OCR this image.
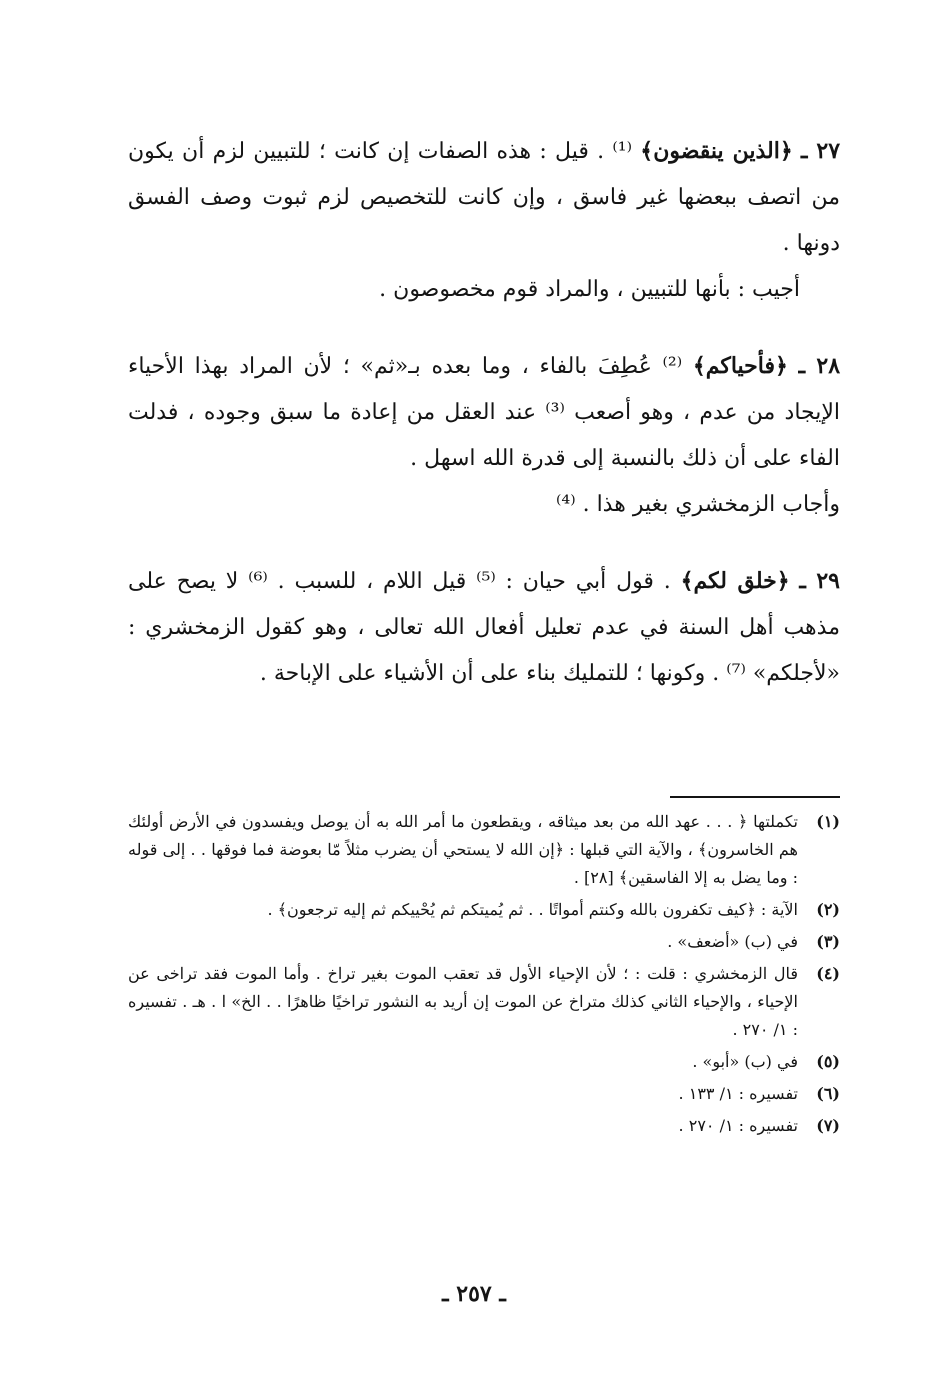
٢٧ ـ ﴿الذين ينقضون﴾ ⁽¹⁾ . قيل : هذه الصفات إن كانت ؛ للتبيين لزم أن يكون من اتصف ببعضها غير فاسق ، وإن كانت للتخصيص لزم ثبوت وصف الفسق دونها .

أجيب : بأنها للتبيين ، والمراد قوم مخصوصون .

٢٨ ـ ﴿فأحياكم﴾ ⁽²⁾ عُطِفَ بالفاء ، وما بعده بـ«ثم» ؛ لأن المراد بهذا الأحياء الإيجاد من عدم ، وهو أصعب ⁽³⁾ عند العقل من إعادة ما سبق وجوده ، فدلت الفاء على أن ذلك بالنسبة إلى قدرة الله اسهل .

وأجاب الزمخشري بغير هذا . ⁽⁴⁾

٢٩ ـ ﴿خلق لكم﴾ . قول أبي حيان : ⁽⁵⁾ قيل اللام ، للسبب . ⁽⁶⁾ لا يصح على مذهب أهل السنة في عدم تعليل أفعال الله تعالى ، وهو كقول الزمخشري : «لأجلكم» ⁽⁷⁾ . وكونها ؛ للتمليك بناء على أن الأشياء على الإباحة .

(١)
تكملتها ﴿ . . . عهد الله من بعد ميثاقه ، ويقطعون ما أمر الله به أن يوصل ويفسدون في الأرض أولئك هم الخاسرون﴾ ، والآية التي قبلها : ﴿إن الله لا يستحي أن يضرب مثلاً مّا بعوضة فما فوقها . . إلى قوله : وما يضل به إلا الفاسقين﴾ [٢٨] .
(٢)
الآية : ﴿كيف تكفرون بالله وكنتم أمواتًا . . ثم يُميتكم ثم يُحْييكم ثم إليه ترجعون﴾ .
(٣)
في (ب) «أضعف» .
(٤)
قال الزمخشري : قلت : ؛ لأن الإحياء الأول قد تعقب الموت بغير تراخ . وأما الموت فقد تراخى عن الإحياء ، والإحياء الثاني كذلك متراخ عن الموت إن أريد به النشور تراخيًا ظاهرًا . . الخ» ا . هـ . تفسيره : ١/ ٢٧٠ .
(٥)
في (ب) «أبو» .
(٦)
تفسيره : ١/ ١٣٣ .
(٧)
تفسيره : ١/ ٢٧٠ .
ـ ٢٥٧ ـ
